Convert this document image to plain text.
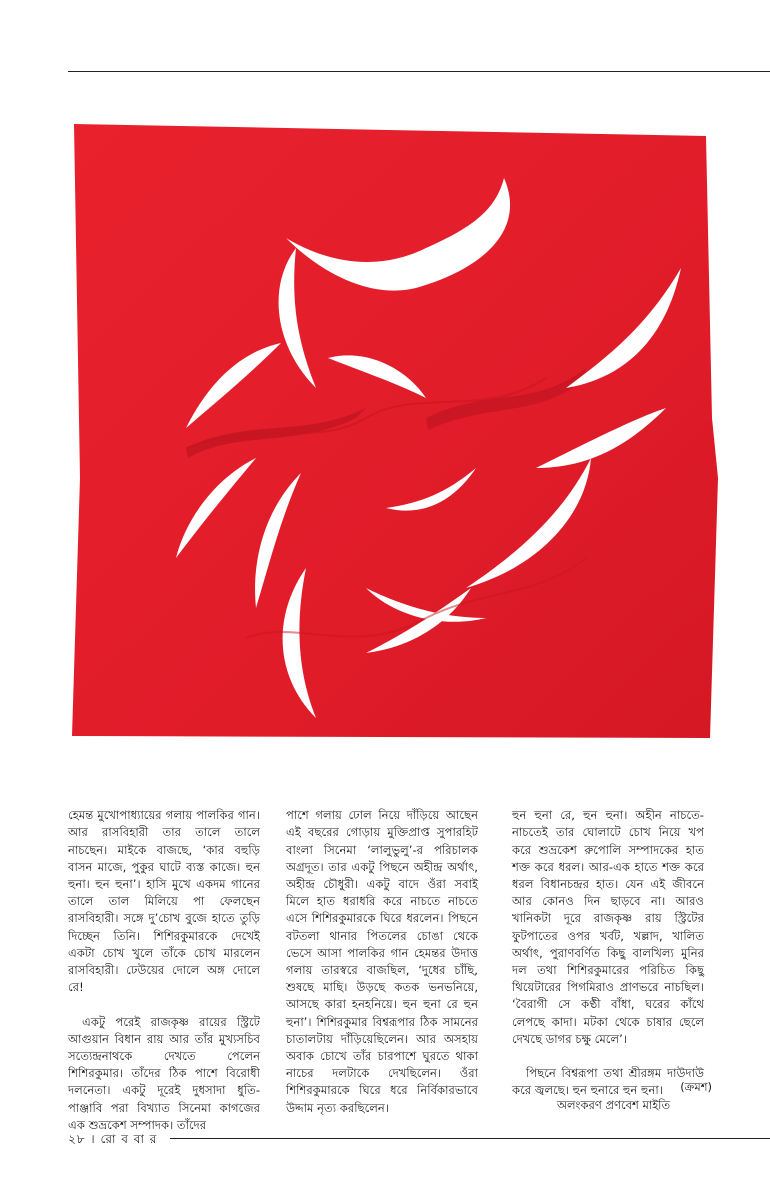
হেমন্ত মুখোপাধ্যায়ের গলায় পালকির গান। আর রাসবিহারী তার তালে তালে নাচছেন। মাইকে বাজছে, ‘কার বহুড়ি বাসন মাজে, পুকুর ঘাটে ব্যস্ত কাজে। হুন হুনা। হুন হুনা’। হাসি মুখে একদম গানের তালে তাল মিলিয়ে পা ফেলছেন রাসবিহারী। সঙ্গে দু’চোখ বুজে হাতে তুড়ি দিচ্ছেন তিনি। শিশিরকুমারকে দেখেই একটা চোখ খুলে তাঁকে চোখ মারলেন রাসবিহারী। ঢেউয়ের দোলে অঙ্গ দোলে রে!

একটু পরেই রাজকৃষ্ণ রায়ের স্ট্রিটে আগুয়ান বিধান রায় আর তাঁর মুখ্যসচিব সত্যেন্দ্রনাথকে দেখতে পেলেন শিশিরকুমার। তাঁদের ঠিক পাশে বিরোধী দলনেতা। একটু দূরেই দুধসাদা ধুতি-পাঞ্জাবি পরা বিখ্যাত সিনেমা কাগজের এক শুভ্রকেশ সম্পাদক। তাঁদের

পাশে গলায় ঢোল নিয়ে দাঁড়িয়ে আছেন এই বছরের গোড়ায় মুক্তিপ্রাপ্ত সুপারহিট বাংলা সিনেমা ‘লালুভুলু’-র পরিচালক অগ্রদূত। তার একটু পিছনে অহীন্দ্র অর্থাৎ, অহীন্দ্র চৌধুরী। একটু বাদে ওঁরা সবাই মিলে হাত ধরাধরি করে নাচতে নাচতে এসে শিশিরকুমারকে ঘিরে ধরলেন। পিছনে বটতলা থানার পিতলের চোঙা থেকে ভেসে আসা পালকির গান হেমন্তর উদাত্ত গলায় তারস্বরে বাজছিল, ‘দুধের চাঁছি, শুষছে মাছি। উড়ছে কতক ভনভনিয়ে, আসছে কারা হনহনিয়ে। হুন হুনা রে হুন হুনা’। শিশিরকুমার বিশ্বরূপার ঠিক সামনের চাতালটায় দাঁড়িয়েছিলেন। আর অসহায় অবাক চোখে তাঁর চারপাশে ঘুরতে থাকা নাচের দলটাকে দেখছিলেন। ওঁরা শিশিরকুমারকে ঘিরে ধরে নির্বিকারভাবে উদ্দাম নৃত্য করছিলেন।

হুন হুনা রে, হুন হুনা। অহীন নাচতে-নাচতেই তার ঘোলাটে চোখ নিয়ে খপ করে শুভ্রকেশ রুপোলি সম্পাদকের হাত শক্ত করে ধরল। আর-এক হাতে শক্ত করে ধরল বিধানচন্দ্রর হাত। যেন এই জীবনে আর কোনও দিন ছাড়বে না। আরও খানিকটা দূরে রাজকৃষ্ণ রায় স্ট্রিটের ফুটপাতের ওপর খর্বট, খল্লাদ, খালিত অর্থাৎ, পুরাণবর্ণিত কিছু বালখিল্য মুনির দল তথা শিশিরকুমারের পরিচিত কিছু থিয়েটারের পিগমিরাও প্রাণভরে নাচছিল। ‘বৈরাগী সে কণ্ঠী বাঁধা, ঘরের কাঁথে লেপছে কাদা। মটকা থেকে চাষার ছেলে দেখছে ডাগর চক্ষু মেলে’।

পিছনে বিশ্বরূপা তথা শ্রীরঙ্গম দাউদাউ করে জ্বলছে। হুন হুনারে হুন হুনা।	(ক্রমশ)
অলংকরণ প্রণবেশ মাইতি
২৮ । রো ব বা র
